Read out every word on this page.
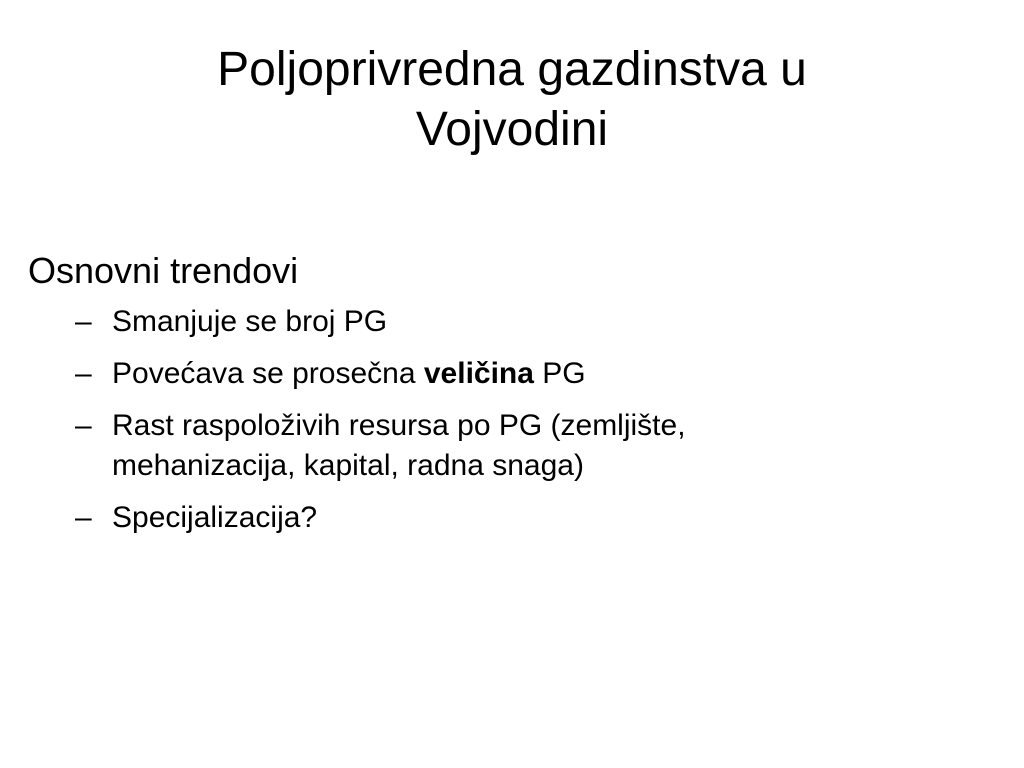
Poljoprivredna gazdinstva u
Vojvodini

Osnovni trendovi

– Smanjuje se broj PG
– Povećava se prosečna veličina PG
– Rast raspoloživih resursa po PG (zemljište,
mehanizacija, kapital, radna snaga)
– Specijalizacija?
